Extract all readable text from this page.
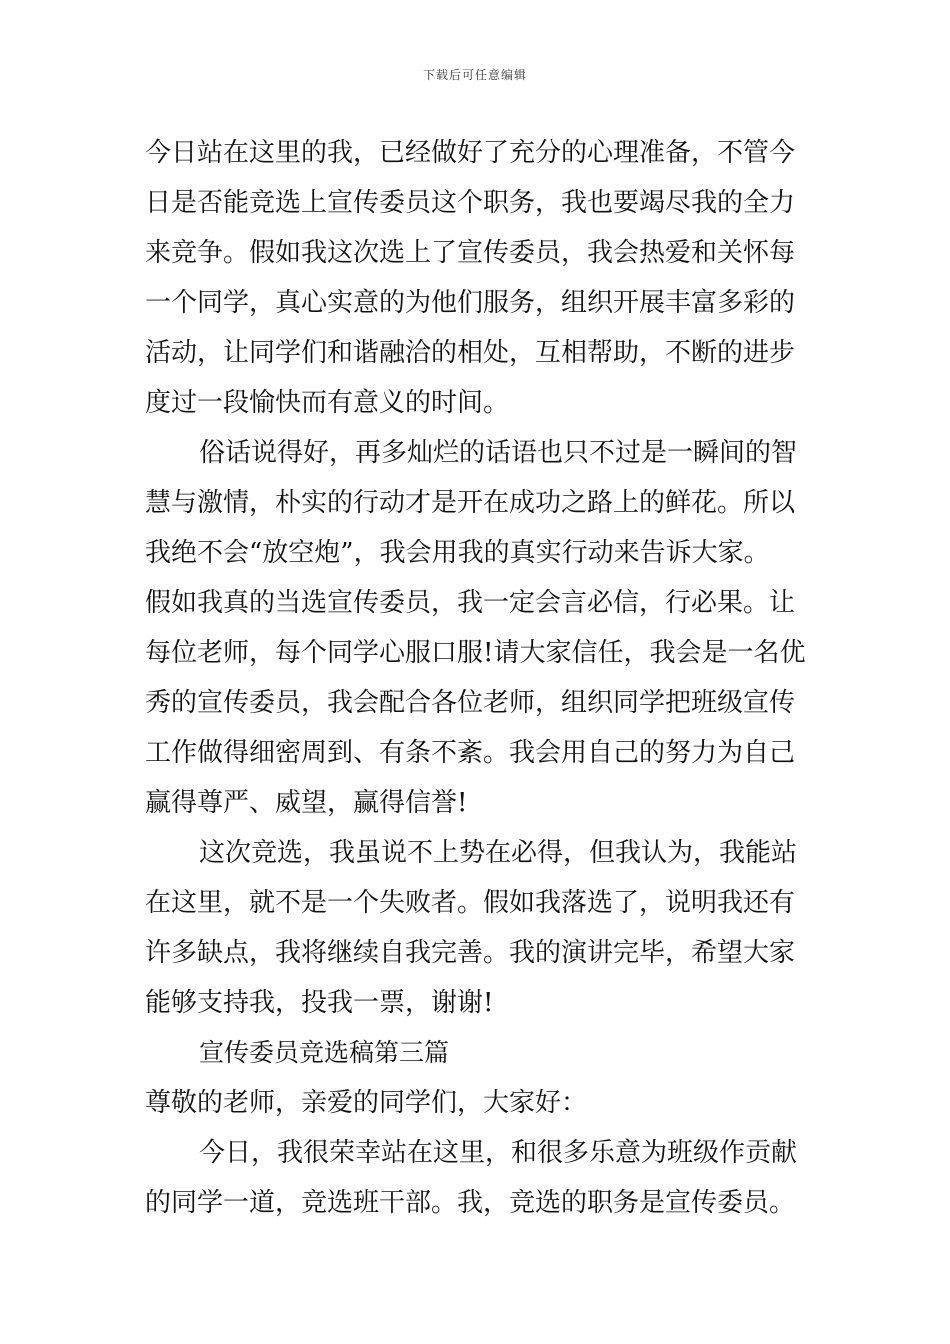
下载后可任意编辑
今日站在这里的我，已经做好了充分的心理准备，不管今
日是否能竞选上宣传委员这个职务，我也要竭尽我的全力
来竞争。假如我这次选上了宣传委员，我会热爱和关怀每
一个同学，真心实意的为他们服务，组织开展丰富多彩的
活动，让同学们和谐融洽的相处，互相帮助，不断的进步
度过一段愉快而有意义的时间。
俗话说得好，再多灿烂的话语也只不过是一瞬间的智
慧与激情，朴实的行动才是开在成功之路上的鲜花。所以
我绝不会“放空炮”，我会用我的真实行动来告诉大家。
假如我真的当选宣传委员，我一定会言必信，行必果。让
每位老师，每个同学心服口服!请大家信任，我会是一名优
秀的宣传委员，我会配合各位老师，组织同学把班级宣传
工作做得细密周到、有条不紊。我会用自己的努力为自己
赢得尊严、威望，赢得信誉!
这次竞选，我虽说不上势在必得，但我认为，我能站
在这里，就不是一个失败者。假如我落选了，说明我还有
许多缺点，我将继续自我完善。我的演讲完毕，希望大家
能够支持我，投我一票，谢谢!
宣传委员竞选稿第三篇
尊敬的老师，亲爱的同学们，大家好：
今日，我很荣幸站在这里，和很多乐意为班级作贡献
的同学一道，竞选班干部。我，竞选的职务是宣传委员。
